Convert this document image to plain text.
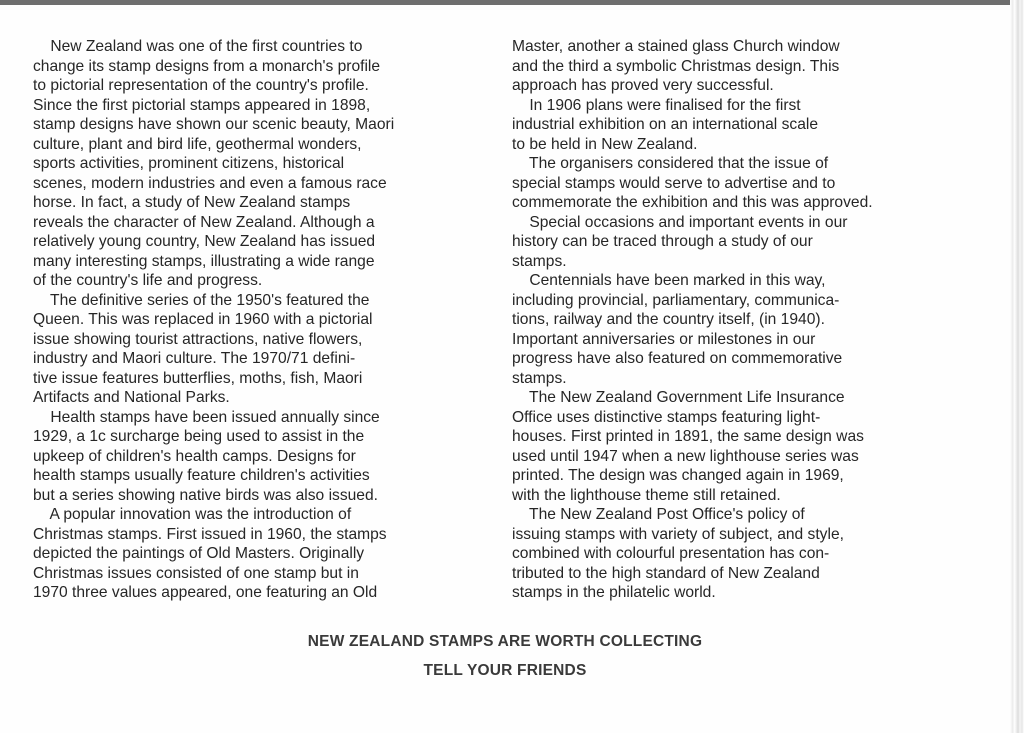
New Zealand was one of the first countries to
change its stamp designs from a monarch's profile
to pictorial representation of the country's profile.
Since the first pictorial stamps appeared in 1898,
stamp designs have shown our scenic beauty, Maori
culture, plant and bird life, geothermal wonders,
sports activities, prominent citizens, historical
scenes, modern industries and even a famous race
horse. In fact, a study of New Zealand stamps
reveals the character of New Zealand. Although a
relatively young country, New Zealand has issued
many interesting stamps, illustrating a wide range
of the country's life and progress.
The definitive series of the 1950's featured the
Queen. This was replaced in 1960 with a pictorial
issue showing tourist attractions, native flowers,
industry and Maori culture. The 1970/71 defini-
tive issue features butterflies, moths, fish, Maori
Artifacts and National Parks.
Health stamps have been issued annually since
1929, a 1c surcharge being used to assist in the
upkeep of children's health camps. Designs for
health stamps usually feature children's activities
but a series showing native birds was also issued.
A popular innovation was the introduction of
Christmas stamps. First issued in 1960, the stamps
depicted the paintings of Old Masters. Originally
Christmas issues consisted of one stamp but in
1970 three values appeared, one featuring an Old
Master, another a stained glass Church window
and the third a symbolic Christmas design. This
approach has proved very successful.
In 1906 plans were finalised for the first
industrial exhibition on an international scale
to be held in New Zealand.
The organisers considered that the issue of
special stamps would serve to advertise and to
commemorate the exhibition and this was approved.
Special occasions and important events in our
history can be traced through a study of our
stamps.
Centennials have been marked in this way,
including provincial, parliamentary, communica-
tions, railway and the country itself, (in 1940).
Important anniversaries or milestones in our
progress have also featured on commemorative
stamps.
The New Zealand Government Life Insurance
Office uses distinctive stamps featuring light-
houses. First printed in 1891, the same design was
used until 1947 when a new lighthouse series was
printed. The design was changed again in 1969,
with the lighthouse theme still retained.
The New Zealand Post Office's policy of
issuing stamps with variety of subject, and style,
combined with colourful presentation has con-
tributed to the high standard of New Zealand
stamps in the philatelic world.
NEW ZEALAND STAMPS ARE WORTH COLLECTING
TELL YOUR FRIENDS
